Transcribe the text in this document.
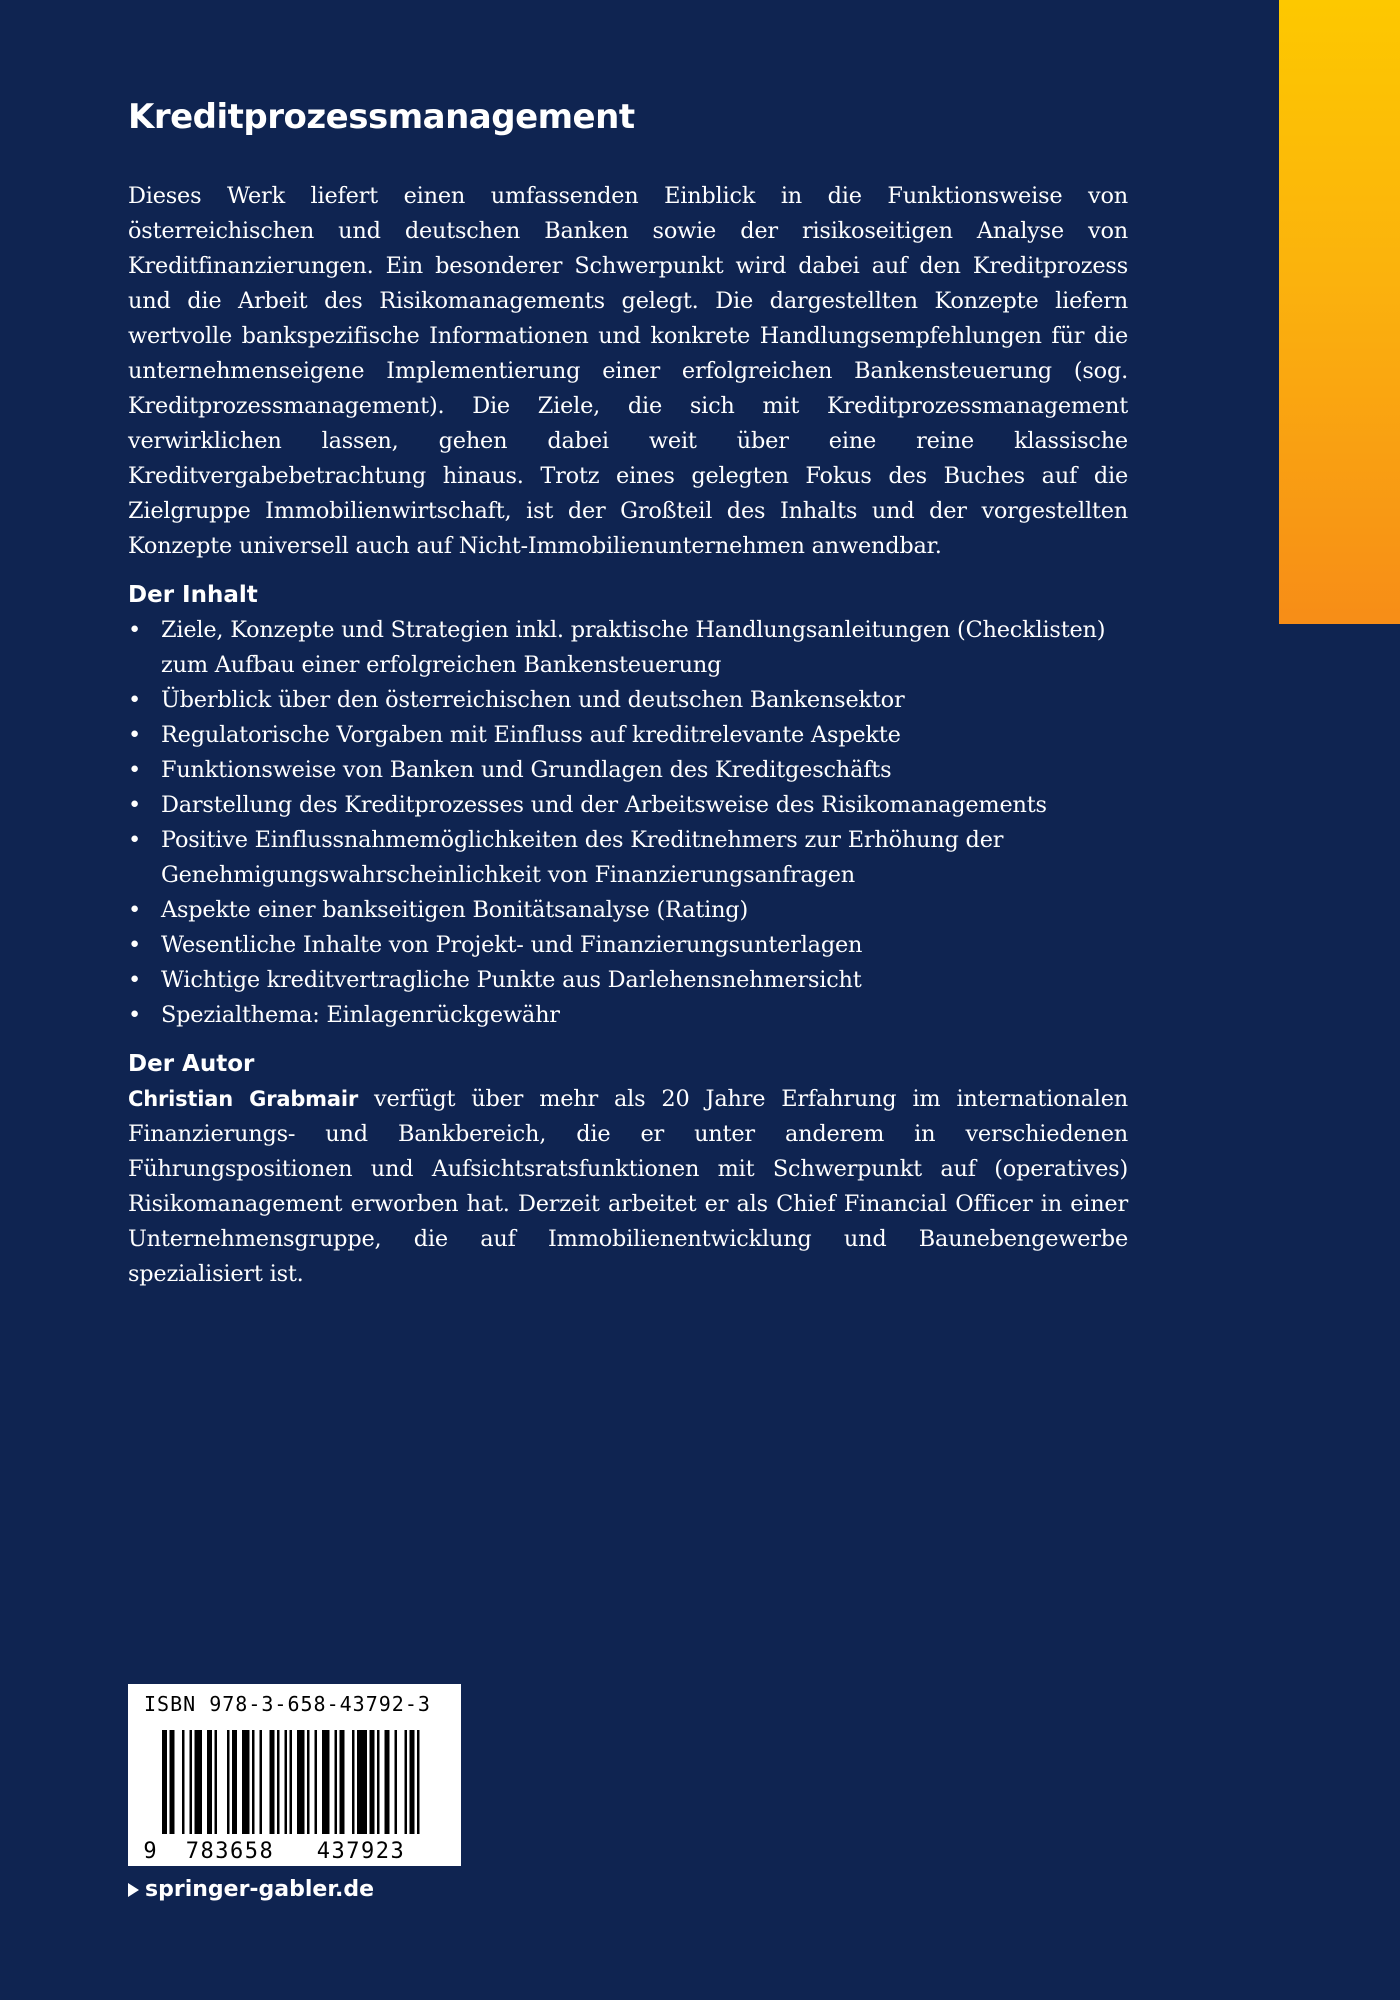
Kreditprozessmanagement

Dieses Werk liefert einen umfassenden Einblick in die Funktionsweise von österreichischen und deutschen Banken sowie der risikoseitigen Analyse von Kreditfinanzierungen. Ein besonderer Schwerpunkt wird dabei auf den Kreditprozess und die Arbeit des Risikomanagements gelegt. Die dargestellten Konzepte liefern wertvolle bankspezifische Informationen und konkrete Handlungsempfehlungen für die unternehmenseigene Implementierung einer erfolgreichen Bankensteuerung (sog. Kreditprozessmanagement). Die Ziele, die sich mit Kreditprozessmanagement verwirklichen lassen, gehen dabei weit über eine reine klassische Kreditvergabebetrachtung hinaus. Trotz eines gelegten Fokus des Buches auf die Zielgruppe Immobilienwirtschaft, ist der Großteil des Inhalts und der vorgestellten Konzepte universell auch auf Nicht-Immobilienunternehmen anwendbar.

Der Inhalt
• Ziele, Konzepte und Strategien inkl. praktische Handlungsanleitungen (Checklisten) zum Aufbau einer erfolgreichen Bankensteuerung
• Überblick über den österreichischen und deutschen Bankensektor
• Regulatorische Vorgaben mit Einfluss auf kreditrelevante Aspekte
• Funktionsweise von Banken und Grundlagen des Kreditgeschäfts
• Darstellung des Kreditprozesses und der Arbeitsweise des Risikomanagements
• Positive Einflussnahmemöglichkeiten des Kreditnehmers zur Erhöhung der Genehmigungswahrscheinlichkeit von Finanzierungsanfragen
• Aspekte einer bankseitigen Bonitätsanalyse (Rating)
• Wesentliche Inhalte von Projekt- und Finanzierungsunterlagen
• Wichtige kreditvertragliche Punkte aus Darlehensnehmersicht
• Spezialthema: Einlagenrückgewähr
Der Autor

Christian Grabmair verfügt über mehr als 20 Jahre Erfahrung im internationalen Finanzierungs- und Bankbereich, die er unter anderem in verschiedenen Führungspositionen und Aufsichtsratsfunktionen mit Schwerpunkt auf (operatives) Risikomanagement erworben hat. Derzeit arbeitet er als Chief Financial Officer in einer Unternehmensgruppe, die auf Immobilienentwicklung und Baunebengewerbe spezialisiert ist.

ISBN 978-3-658-43792-3
9 783658 437923
springer-gabler.de
